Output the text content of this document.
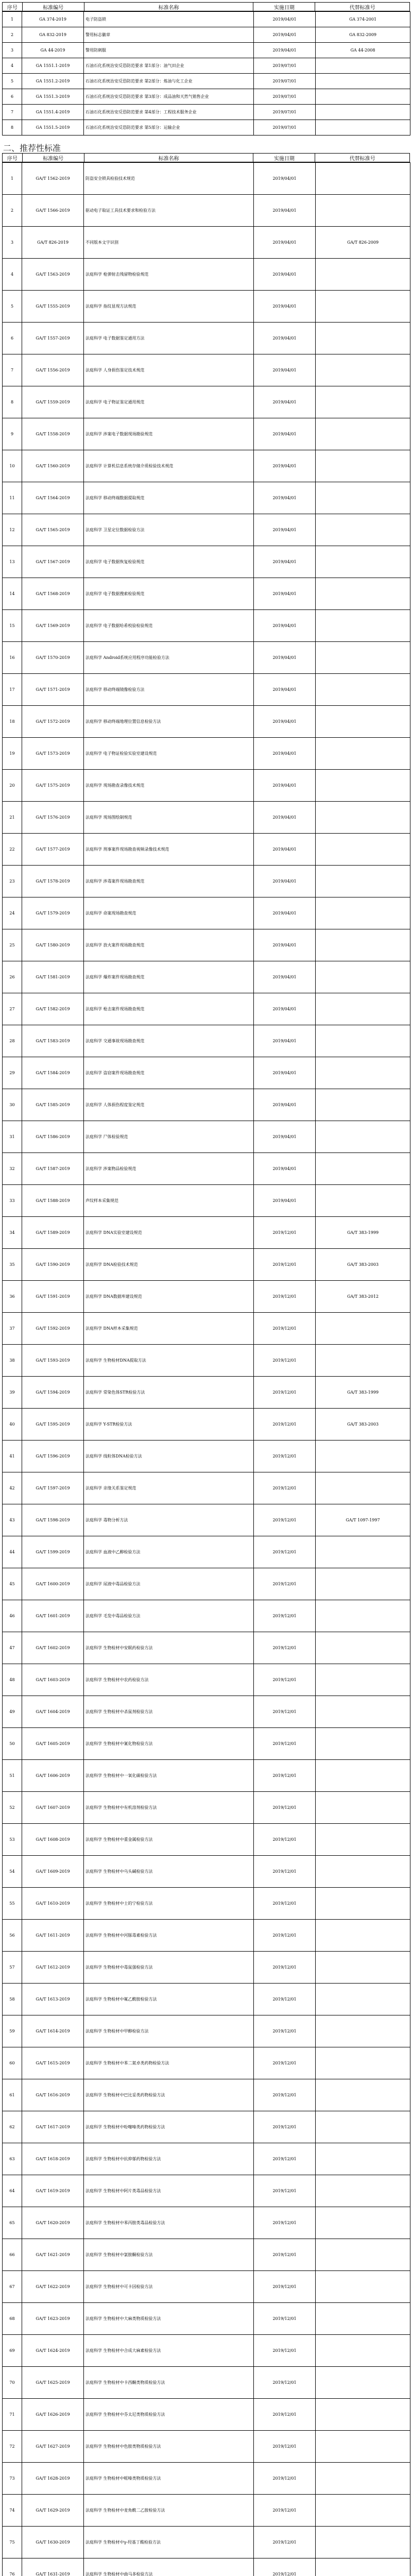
序号	标准编号	标准名称	实施日期	代替标准号
1	GA 374-2019	电子防盗锁	2019/04/01	GA 374-2001
2	GA 832-2019	警用标志徽章	2019/04/01	GA 832-2009
3	GA 44-2019	警用防刺服	2019/04/01	GA 44-2008
4	GA 1551.1-2019	石油石化系统治安反恐防范要求 第1部分：油气田企业	2019/07/01	
5	GA 1551.2-2019	石油石化系统治安反恐防范要求 第2部分：炼油与化工企业	2019/07/01	
6	GA 1551.3-2019	石油石化系统治安反恐防范要求 第3部分：成品油和天然气销售企业	2019/07/01	
7	GA 1551.4-2019	石油石化系统治安反恐防范要求 第4部分：工程技术服务企业	2019/07/01	
8	GA 1551.5-2019	石油石化系统治安反恐防范要求 第5部分：运输企业	2019/07/01	
二、推荐性标准
序号	标准编号	标准名称	实施日期	代替标准号
1	GA/T 1562-2019	防盗安全锁具检验技术规范	2019/04/01	
2	GA/T 1566-2019	驱动电子取证工具技术要求和检验方法	2019/04/01	
3	GA/T 826-2019	不同版本文字识别	2019/04/01	GA/T 826-2009
4	GA/T 1563-2019	法庭科学 枪弹射击残留物检验规范	2019/04/01	
5	GA/T 1555-2019	法庭科学 指纹显现方法规范	2019/04/01	
6	GA/T 1557-2019	法庭科学 电子数据鉴定通用方法	2019/04/01	
7	GA/T 1556-2019	法庭科学 人身损伤鉴定技术规范	2019/04/01	
8	GA/T 1559-2019	法庭科学 电子物证鉴定通用规范	2019/04/01	
9	GA/T 1558-2019	法庭科学 涉案电子数据现场勘验规范	2019/04/01	
10	GA/T 1560-2019	法庭科学 计算机信息系统存储介质检验技术规范	2019/04/01	
11	GA/T 1564-2019	法庭科学 移动终端数据提取规范	2019/04/01	
12	GA/T 1565-2019	法庭科学 卫星定位数据检验方法	2019/04/01	
13	GA/T 1567-2019	法庭科学 电子数据恢复检验规范	2019/04/01	
14	GA/T 1568-2019	法庭科学 电子数据搜索检验规范	2019/04/01	
15	GA/T 1569-2019	法庭科学 电子数据哈希校验检验规范	2019/04/01	
16	GA/T 1570-2019	法庭科学 Android系统应用程序功能检验方法	2019/04/01	
17	GA/T 1571-2019	法庭科学 移动终端镜像检验方法	2019/04/01	
18	GA/T 1572-2019	法庭科学 移动终端地理位置信息检验方法	2019/04/01	
19	GA/T 1573-2019	法庭科学 电子物证检验实验室建设规范	2019/04/01	
20	GA/T 1575-2019	法庭科学 现场勘查录像技术规范	2019/04/01	
21	GA/T 1576-2019	法庭科学 现场图绘制规范	2019/04/01	
22	GA/T 1577-2019	法庭科学 刑事案件现场勘查视频录像技术规范	2019/04/01	
23	GA/T 1578-2019	法庭科学 涉毒案件现场勘查规范	2019/04/01	
24	GA/T 1579-2019	法庭科学 命案现场勘查规范	2019/04/01	
25	GA/T 1580-2019	法庭科学 放火案件现场勘查规范	2019/04/01	
26	GA/T 1581-2019	法庭科学 爆炸案件现场勘查规范	2019/04/01	
27	GA/T 1582-2019	法庭科学 枪击案件现场勘查规范	2019/04/01	
28	GA/T 1583-2019	法庭科学 交通事故现场勘查规范	2019/04/01	
29	GA/T 1584-2019	法庭科学 盗窃案件现场勘查规范	2019/04/01	
30	GA/T 1585-2019	法庭科学 人体损伤程度鉴定规范	2019/04/01	
31	GA/T 1586-2019	法庭科学 尸体检验规范	2019/04/01	
32	GA/T 1587-2019	法庭科学 涉案物品检验规范	2019/04/01	
33	GA/T 1588-2019	声纹样本采集规范	2019/04/01	
34	GA/T 1589-2019	法庭科学 DNA实验室建设规范	2019/12/01	GA/T 383-1999
35	GA/T 1590-2019	法庭科学 DNA检验技术规范	2019/12/01	GA/T 383-2003
36	GA/T 1591-2019	法庭科学 DNA数据库建设规范	2019/12/01	GA/T 383-2012
37	GA/T 1592-2019	法庭科学 DNA样本采集规范	2019/12/01	
38	GA/T 1593-2019	法庭科学 生物检材DNA提取方法	2019/12/01	
39	GA/T 1594-2019	法庭科学 常染色体STR检验方法	2019/12/01	GA/T 383-1999
40	GA/T 1595-2019	法庭科学 Y-STR检验方法	2019/12/01	GA/T 383-2003
41	GA/T 1596-2019	法庭科学 线粒体DNA检验方法	2019/12/01	
42	GA/T 1597-2019	法庭科学 亲缘关系鉴定规范	2019/12/01	
43	GA/T 1598-2019	法庭科学 毒物分析方法	2019/12/01	GA/T 1097-1997
44	GA/T 1599-2019	法庭科学 血液中乙醇检验方法	2019/12/01	
45	GA/T 1600-2019	法庭科学 尿液中毒品检验方法	2019/12/01	
46	GA/T 1601-2019	法庭科学 毛发中毒品检验方法	2019/12/01	
47	GA/T 1602-2019	法庭科学 生物检材中安眠药检验方法	2019/12/01	
48	GA/T 1603-2019	法庭科学 生物检材中农药检验方法	2019/12/01	
49	GA/T 1604-2019	法庭科学 生物检材中杀鼠剂检验方法	2019/12/01	
50	GA/T 1605-2019	法庭科学 生物检材中氰化物检验方法	2019/12/01	
51	GA/T 1606-2019	法庭科学 生物检材中一氧化碳检验方法	2019/12/01	
52	GA/T 1607-2019	法庭科学 生物检材中有机溶剂检验方法	2019/12/01	
53	GA/T 1608-2019	法庭科学 生物检材中重金属检验方法	2019/12/01	
54	GA/T 1609-2019	法庭科学 生物检材中乌头碱检验方法	2019/12/01	
55	GA/T 1610-2019	法庭科学 生物检材中士的宁检验方法	2019/12/01	
56	GA/T 1611-2019	法庭科学 生物检材中河豚毒素检验方法	2019/12/01	
57	GA/T 1612-2019	法庭科学 生物检材中毒鼠强检验方法	2019/12/01	
58	GA/T 1613-2019	法庭科学 生物检材中氟乙酰胺检验方法	2019/12/01	
59	GA/T 1614-2019	法庭科学 生物检材中甲醇检验方法	2019/12/01	
60	GA/T 1615-2019	法庭科学 生物检材中苯二氮卓类药物检验方法	2019/12/01	
61	GA/T 1616-2019	法庭科学 生物检材中巴比妥类药物检验方法	2019/12/01	
62	GA/T 1617-2019	法庭科学 生物检材中吩噻嗪类药物检验方法	2019/12/01	
63	GA/T 1618-2019	法庭科学 生物检材中抗抑郁药物检验方法	2019/12/01	
64	GA/T 1619-2019	法庭科学 生物检材中阿片类毒品检验方法	2019/12/01	
65	GA/T 1620-2019	法庭科学 生物检材中苯丙胺类毒品检验方法	2019/12/01	
66	GA/T 1621-2019	法庭科学 生物检材中氯胺酮检验方法	2019/12/01	
67	GA/T 1622-2019	法庭科学 生物检材中可卡因检验方法	2019/12/01	
68	GA/T 1623-2019	法庭科学 生物检材中大麻类物质检验方法	2019/12/01	
69	GA/T 1624-2019	法庭科学 生物检材中合成大麻素检验方法	2019/12/01	
70	GA/T 1625-2019	法庭科学 生物检材中卡西酮类物质检验方法	2019/12/01	
71	GA/T 1626-2019	法庭科学 生物检材中芬太尼类物质检验方法	2019/12/01	
72	GA/T 1627-2019	法庭科学 生物检材中色胺类物质检验方法	2019/12/01	
73	GA/T 1628-2019	法庭科学 生物检材中哌嗪类物质检验方法	2019/12/01	
74	GA/T 1629-2019	法庭科学 生物检材中麦角酰二乙胺检验方法	2019/12/01	
75	GA/T 1630-2019	法庭科学 生物检材中γ-羟基丁酸检验方法	2019/12/01	
76	GA/T 1631-2019	法庭科学 生物检材中曲马多检验方法	2019/12/01	
